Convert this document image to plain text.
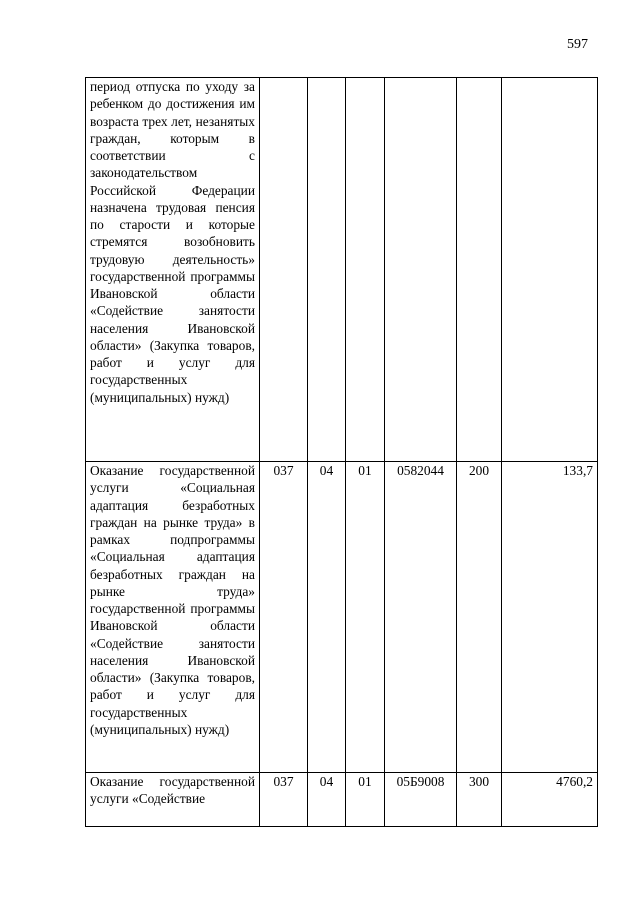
597
период отпуска по уходу за ребенком до достижения им возраста трех лет, незанятых граждан, которым в соответствии с законодательством Российской Федерации назначена трудовая пенсия по старости и которые стремятся возобновить трудовую деятельность» государственной программы Ивановской области «Содействие занятости населения Ивановской области» (Закупка товаров, работ и услуг для государственных (муниципальных) нужд)						
Оказание государственной услуги «Социальная адаптация безработных граждан на рынке труда» в рамках подпрограммы «Социальная адаптация безработных граждан на рынке труда» государственной программы Ивановской области «Содействие занятости населения Ивановской области» (Закупка товаров, работ и услуг для государственных (муниципальных) нужд)	037	04	01	0582044	200	133,7
Оказание государственной услуги «Содействие	037	04	01	05Б9008	300	4760,2
